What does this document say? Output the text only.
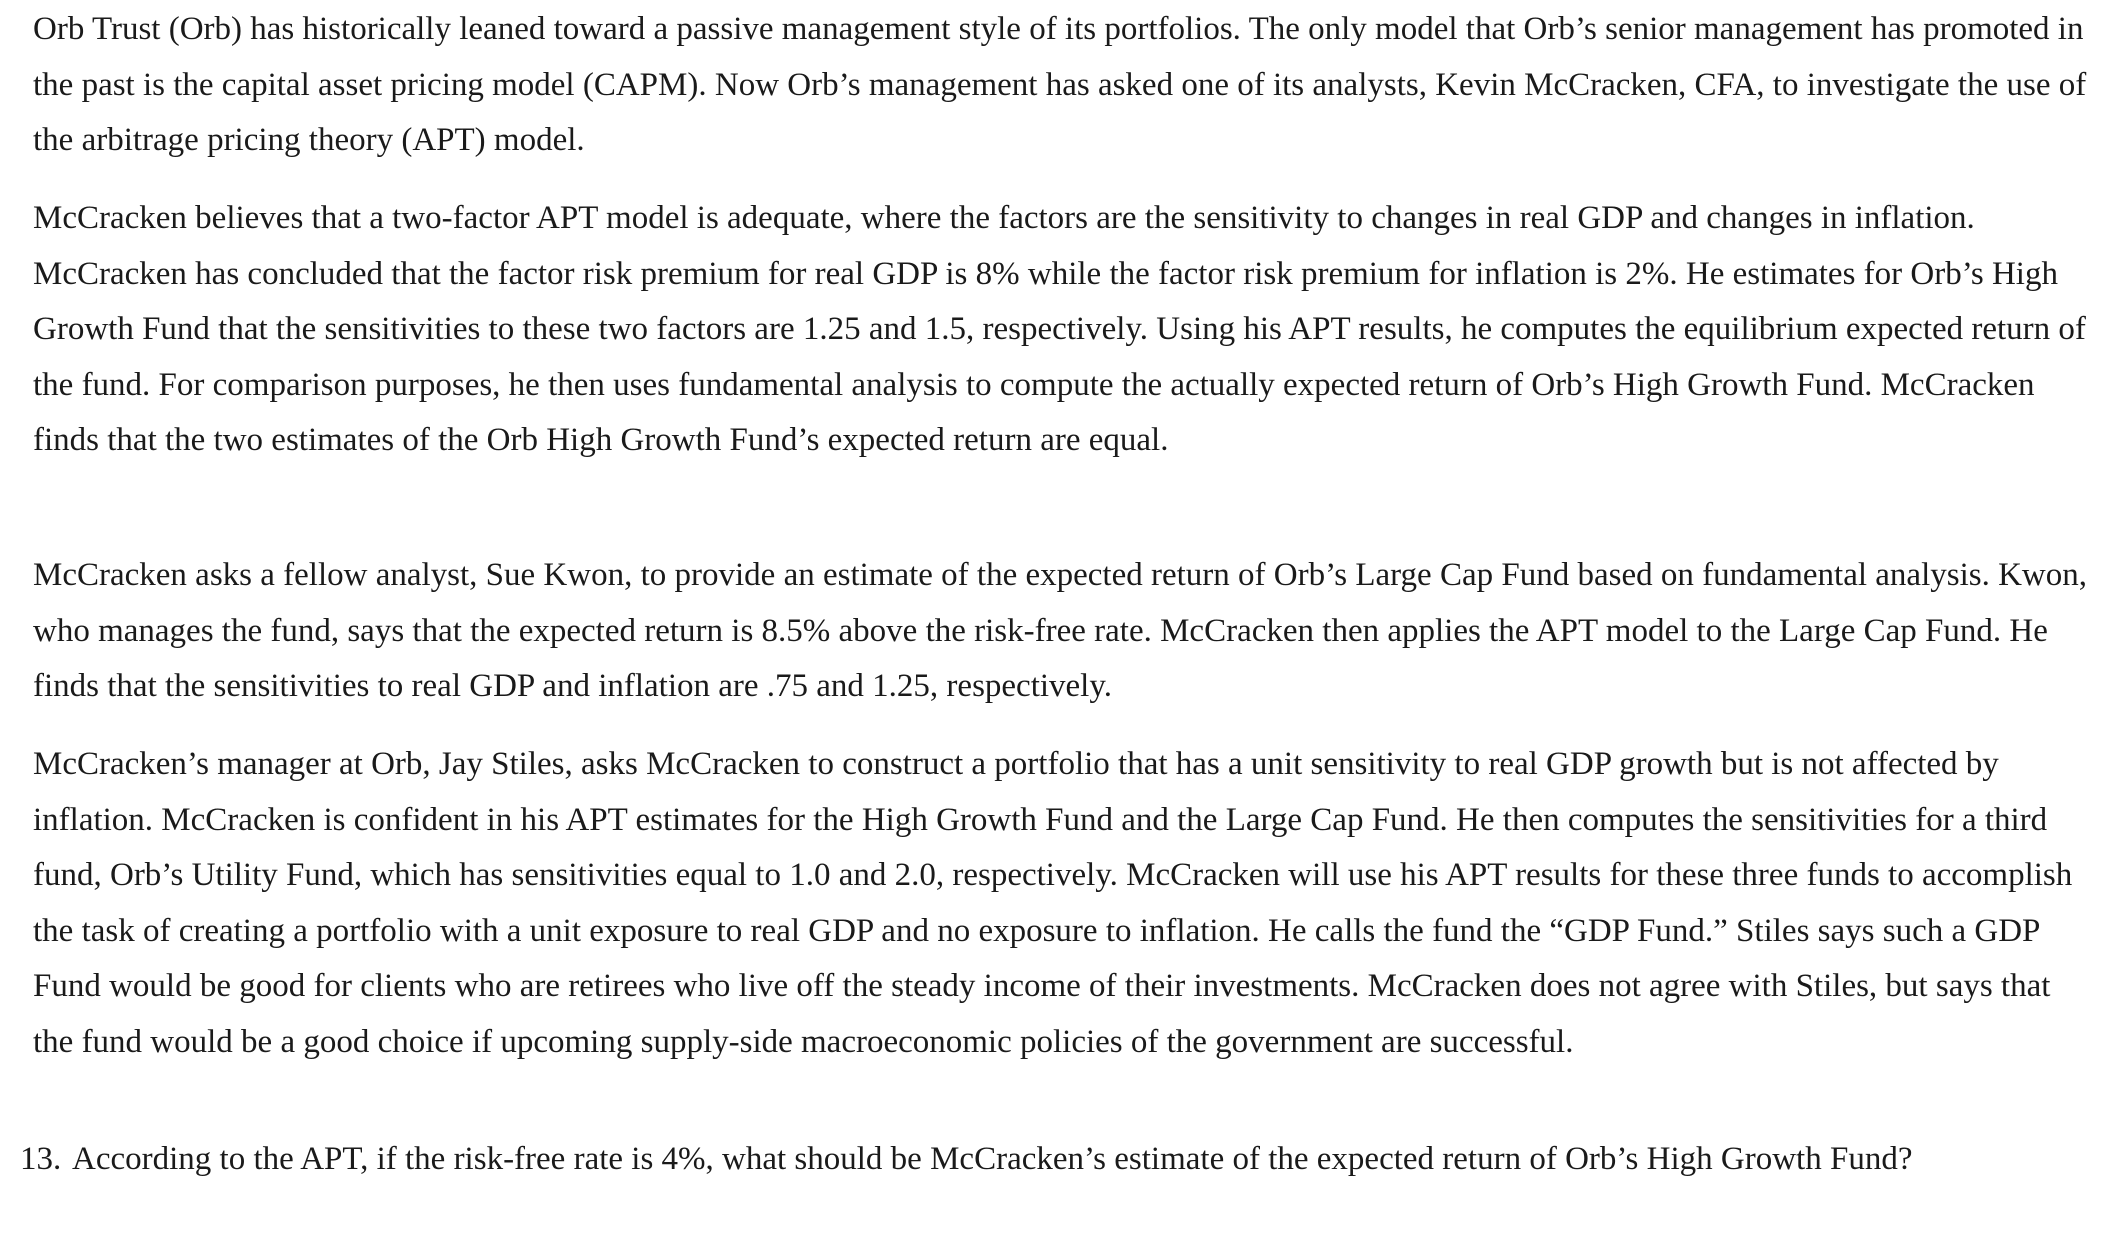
Orb Trust (Orb) has historically leaned toward a passive management style of its portfolios. The only model that Orb’s senior management has promoted in the past is the capital asset pricing model (CAPM). Now Orb’s management has asked one of its analysts, Kevin McCracken, CFA, to investigate the use of the arbitrage pricing theory (APT) model.

McCracken believes that a two-factor APT model is adequate, where the factors are the sensitivity to changes in real GDP and changes in inflation. McCracken has concluded that the factor risk premium for real GDP is 8% while the factor risk premium for inflation is 2%. He estimates for Orb’s High Growth Fund that the sensitivities to these two factors are 1.25 and 1.5, respectively. Using his APT results, he computes the equilibrium expected return of the fund. For comparison purposes, he then uses fundamental analysis to compute the actually expected return of Orb’s High Growth Fund. McCracken finds that the two estimates of the Orb High Growth Fund’s expected return are equal.

McCracken asks a fellow analyst, Sue Kwon, to provide an estimate of the expected return of Orb’s Large Cap Fund based on fundamental analysis. Kwon, who manages the fund, says that the expected return is 8.5% above the risk-free rate. McCracken then applies the APT model to the Large Cap Fund. He finds that the sensitivities to real GDP and inflation are .75 and 1.25, respectively.

McCracken’s manager at Orb, Jay Stiles, asks McCracken to construct a portfolio that has a unit sensitivity to real GDP growth but is not affected by inflation. McCracken is confident in his APT estimates for the High Growth Fund and the Large Cap Fund. He then computes the sensitivities for a third fund, Orb’s Utility Fund, which has sensitivities equal to 1.0 and 2.0, respectively. McCracken will use his APT results for these three funds to accomplish the task of creating a portfolio with a unit exposure to real GDP and no exposure to inflation. He calls the fund the “GDP Fund.” Stiles says such a GDP Fund would be good for clients who are retirees who live off the steady income of their investments. McCracken does not agree with Stiles, but says that the fund would be a good choice if upcoming supply-side macroeconomic policies of the government are successful.

13. According to the APT, if the risk-free rate is 4%, what should be McCracken’s estimate of the expected return of Orb’s High Growth Fund?
